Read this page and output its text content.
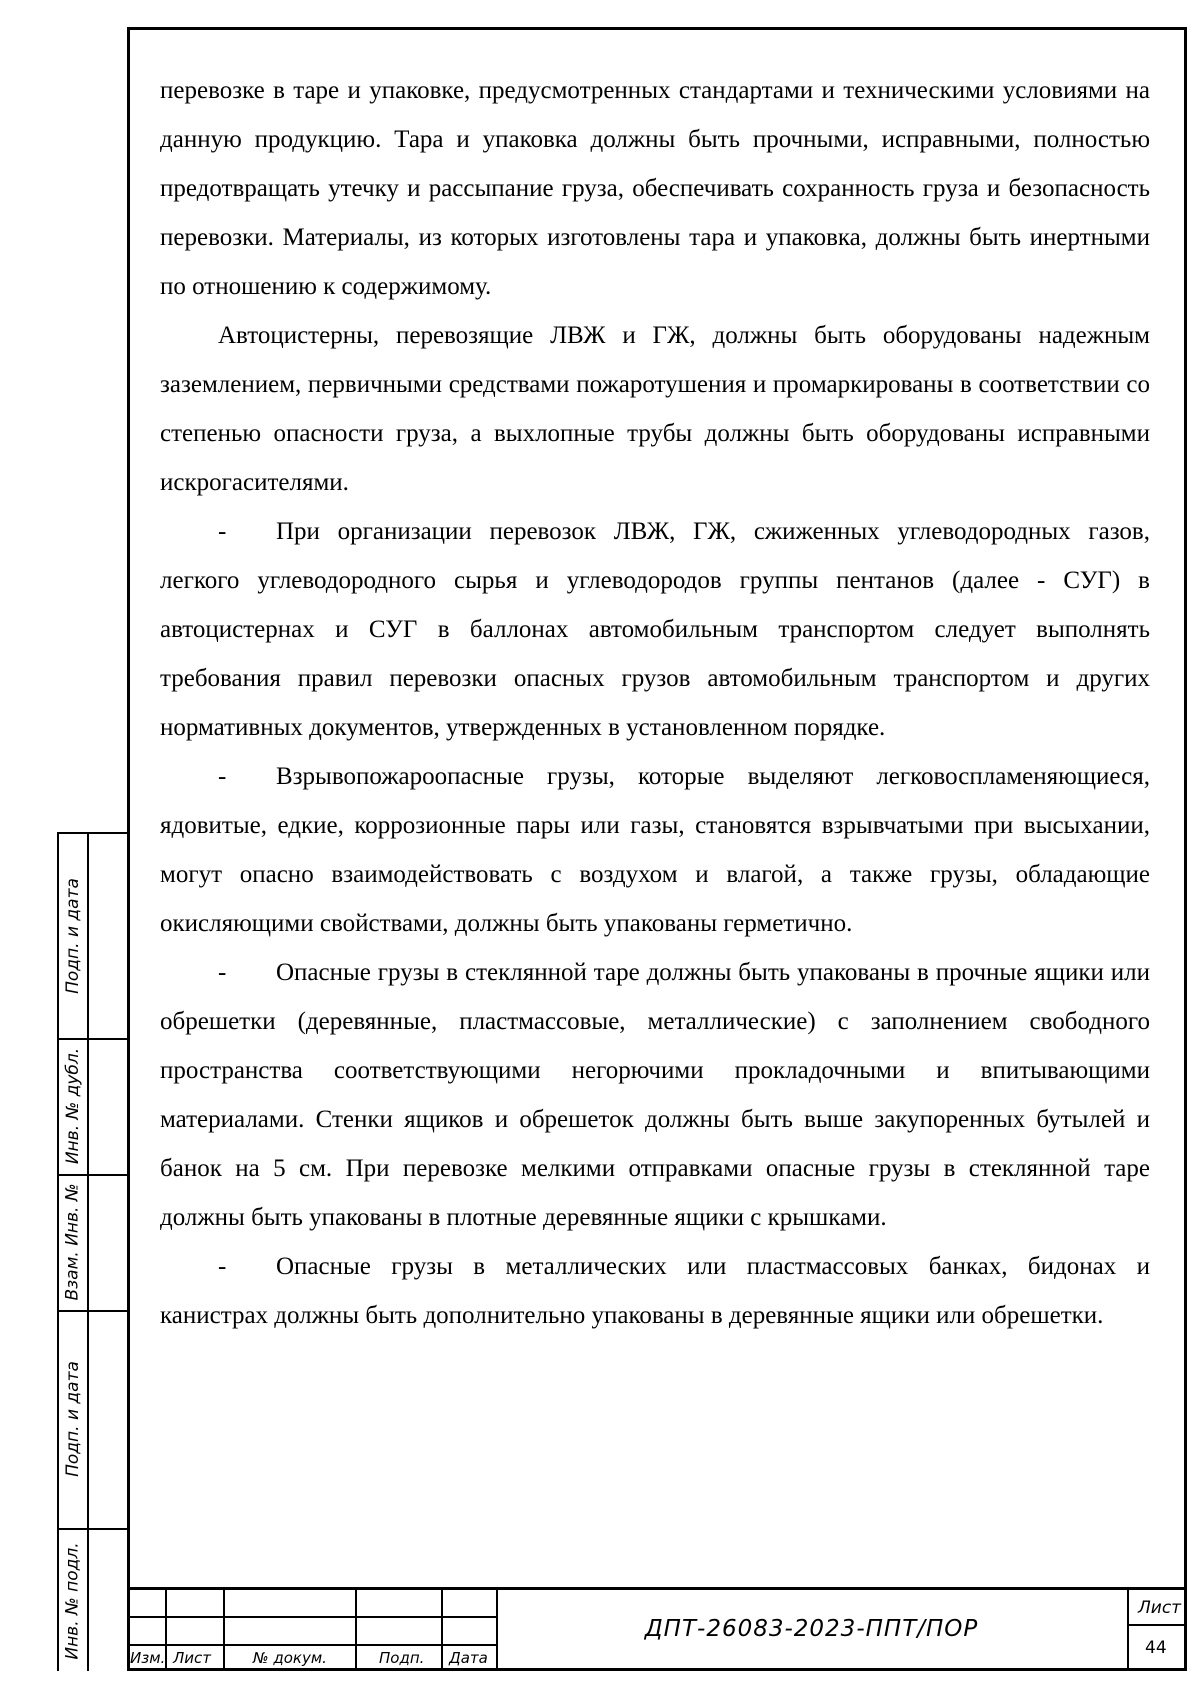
перевозке в таре и упаковке, предусмотренных стандартами и техническими условиями на данную продукцию. Тара и упаковка должны быть прочными, исправными, полностью предотвращать утечку и рассыпание груза, обеспечивать сохранность груза и безопасность перевозки. Материалы, из которых изготовлены тара и упаковка, должны быть инертными по отношению к содержимому.

Автоцистерны, перевозящие ЛВЖ и ГЖ, должны быть оборудованы надежным заземлением, первичными средствами пожаротушения и промаркированы в соответствии со степенью опасности груза, а выхлопные трубы должны быть оборудованы исправными искрогасителями.

- При организации перевозок ЛВЖ, ГЖ, сжиженных углеводородных газов, легкого углеводородного сырья и углеводородов группы пентанов (далее - СУГ) в автоцистернах и СУГ в баллонах автомобильным транспортом следует выполнять требования правил перевозки опасных грузов автомобильным транспортом и других нормативных документов, утвержденных в установленном порядке.

- Взрывопожароопасные грузы, которые выделяют легковоспламеняющиеся, ядовитые, едкие, коррозионные пары или газы, становятся взрывчатыми при высыхании, могут опасно взаимодействовать с воздухом и влагой, а также грузы, обладающие окисляющими свойствами, должны быть упакованы герметично.

- Опасные грузы в стеклянной таре должны быть упакованы в прочные ящики или обрешетки (деревянные, пластмассовые, металлические) с заполнением свободного пространства соответствующими негорючими прокладочными и впитывающими материалами. Стенки ящиков и обрешеток должны быть выше закупоренных бутылей и банок на 5 см. При перевозке мелкими отправками опасные грузы в стеклянной таре должны быть упакованы в плотные деревянные ящики с крышками.

- Опасные грузы в металлических или пластмассовых банках, бидонах и канистрах должны быть дополнительно упакованы в деревянные ящики или обрешетки.

Подп. и дата
Инв. № дубл.
Взам. Инв. №
Подп. и дата
Инв. № подл.	Изм. Лист	№ докум.	Подп. Дата
ДПТ-26083-2023-ППТ/ПОР
Лист
44
